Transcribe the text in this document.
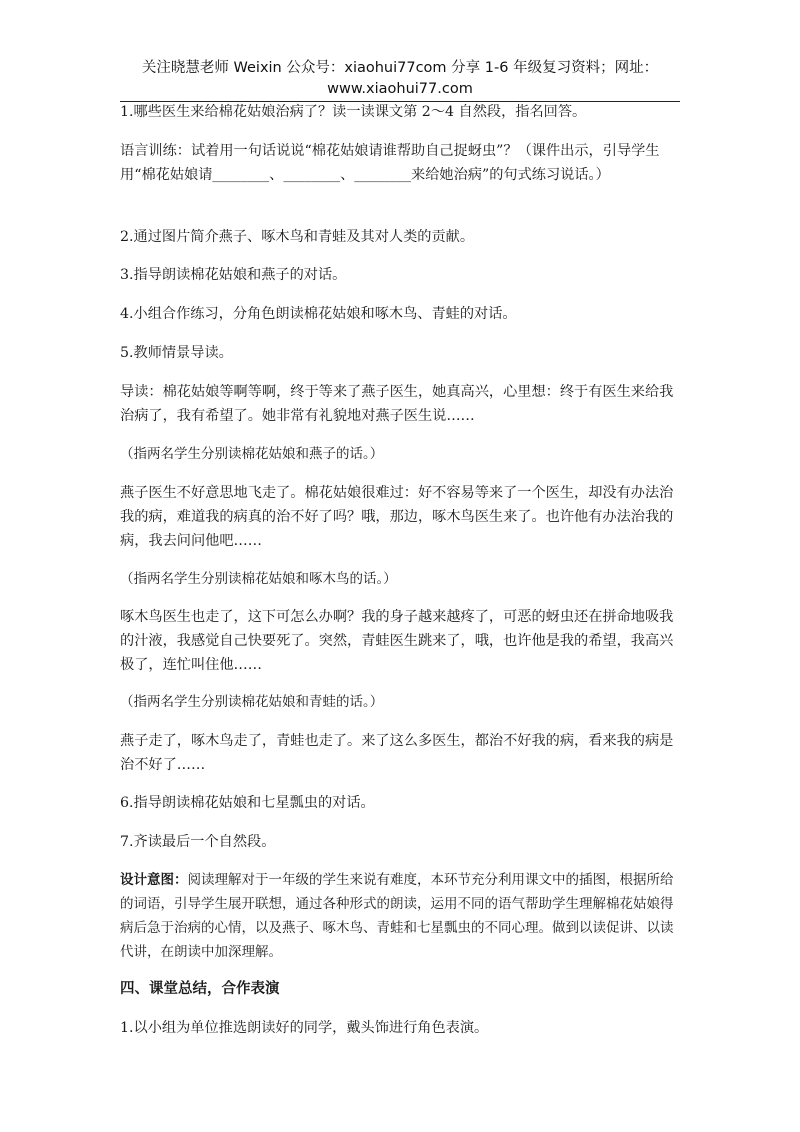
关注晓慧老师 Weixin 公众号：xiaohui77com 分享 1-6 年级复习资料；网址：
www.xiaohui77.com

1.哪些医生来给棉花姑娘治病了？读一读课文第 2～4 自然段，指名回答。

语言训练：试着用一句话说说“棉花姑娘请谁帮助自己捉蚜虫”？（课件出示，引导学生用“棉花姑娘请________、________、________来给她治病”的句式练习说话。）

2.通过图片简介燕子、啄木鸟和青蛙及其对人类的贡献。

3.指导朗读棉花姑娘和燕子的对话。

4.小组合作练习，分角色朗读棉花姑娘和啄木鸟、青蛙的对话。

5.教师情景导读。

导读：棉花姑娘等啊等啊，终于等来了燕子医生，她真高兴，心里想：终于有医生来给我治病了，我有希望了。她非常有礼貌地对燕子医生说……

（指两名学生分别读棉花姑娘和燕子的话。）

燕子医生不好意思地飞走了。棉花姑娘很难过：好不容易等来了一个医生，却没有办法治我的病，难道我的病真的治不好了吗？哦，那边，啄木鸟医生来了。也许他有办法治我的病，我去问问他吧……

（指两名学生分别读棉花姑娘和啄木鸟的话。）

啄木鸟医生也走了，这下可怎么办啊？我的身子越来越疼了，可恶的蚜虫还在拼命地吸我的汁液，我感觉自己快要死了。突然，青蛙医生跳来了，哦，也许他是我的希望，我高兴极了，连忙叫住他……

（指两名学生分别读棉花姑娘和青蛙的话。）

燕子走了，啄木鸟走了，青蛙也走了。来了这么多医生，都治不好我的病，看来我的病是治不好了……

6.指导朗读棉花姑娘和七星瓢虫的对话。

7.齐读最后一个自然段。

设计意图：阅读理解对于一年级的学生来说有难度，本环节充分利用课文中的插图，根据所给的词语，引导学生展开联想，通过各种形式的朗读，运用不同的语气帮助学生理解棉花姑娘得病后急于治病的心情，以及燕子、啄木鸟、青蛙和七星瓢虫的不同心理。做到以读促讲、以读代讲，在朗读中加深理解。

四、课堂总结，合作表演

1.以小组为单位推选朗读好的同学，戴头饰进行角色表演。
